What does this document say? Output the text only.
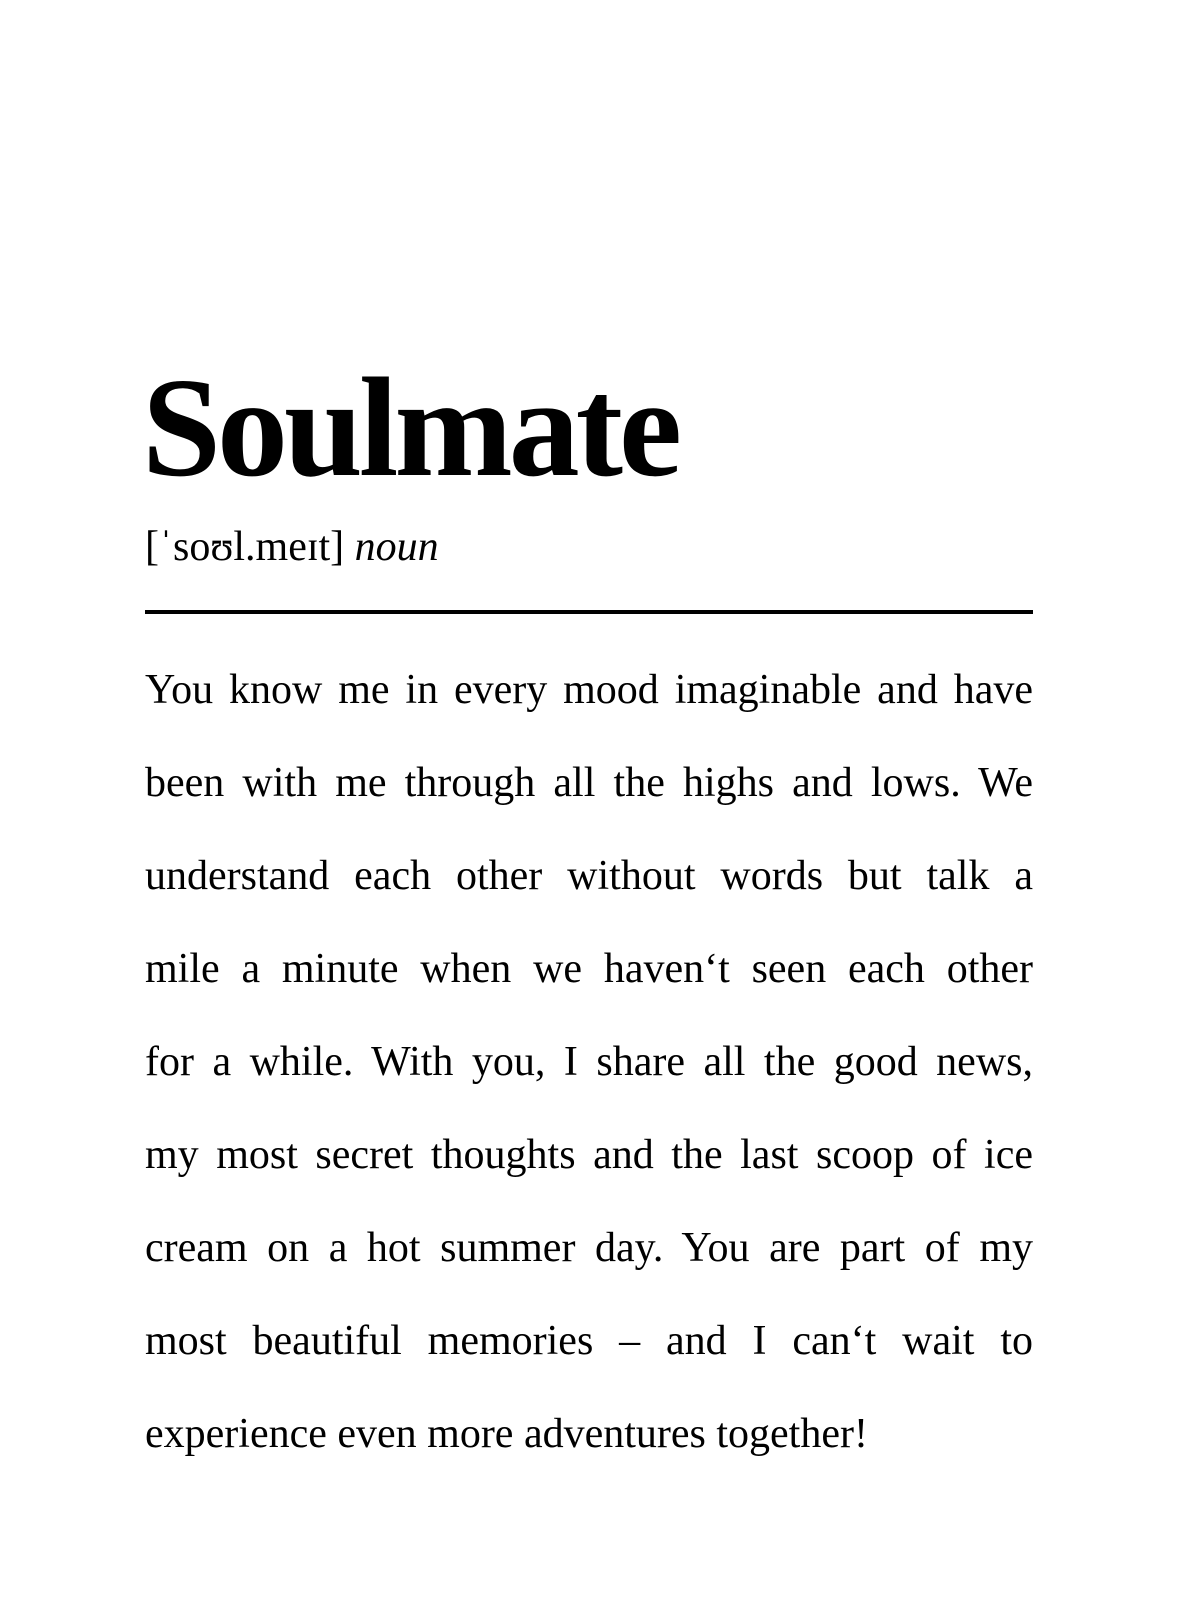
Soulmate
[ˈsoʊl.meɪt] noun
You know me in every mood imaginable and have
been with me through all the highs and lows. We
understand each other without words but talk a
mile a minute when we haven‘t seen each other
for a while. With you, I share all the good news,
my most secret thoughts and the last scoop of ice
cream on a hot summer day. You are part of my
most beautiful memories – and I can‘t wait to
experience even more adventures together!
